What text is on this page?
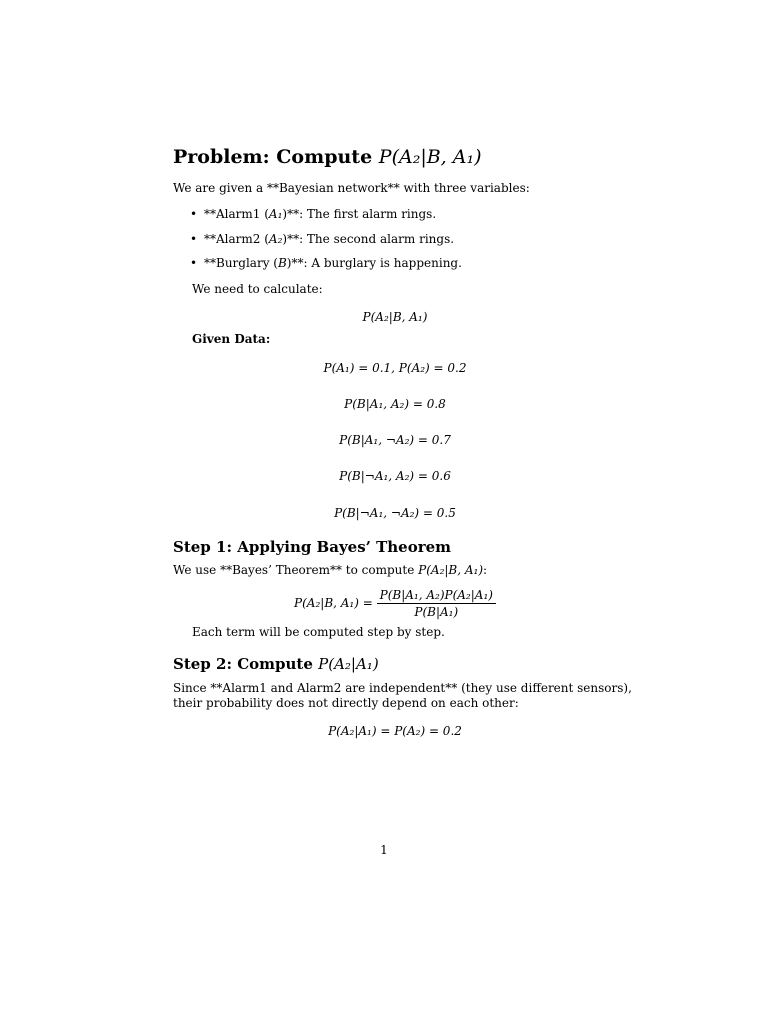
Problem: Compute P(A₂|B, A₁)
We are given a **Bayesian network** with three variables:
• **Alarm1 (A₁)**: The first alarm rings.
• **Alarm2 (A₂)**: The second alarm rings.
• **Burglary (B)**: A burglary is happening.
We need to calculate:
P(A₂|B, A₁)
Given Data:
P(A₁) = 0.1, P(A₂) = 0.2
P(B|A₁, A₂) = 0.8
P(B|A₁, ¬A₂) = 0.7
P(B|¬A₁, A₂) = 0.6
P(B|¬A₁, ¬A₂) = 0.5
Step 1: Applying Bayes’ Theorem
We use **Bayes’ Theorem** to compute P(A₂|B, A₁):
P(A₂|B, $A_1) = \frac{\text{P(B|A₁, A₂)P(A₂|A₁)}}{\text{P(B|A₁)}}$
Each term will be computed step by step.
Step 2: Compute P(A₂|A₁)
Since **Alarm1 and Alarm2 are independent** (they use different sensors),
their probability does not directly depend on each other:
P(A₂|A₁) = P(A₂) = 0.2
1
